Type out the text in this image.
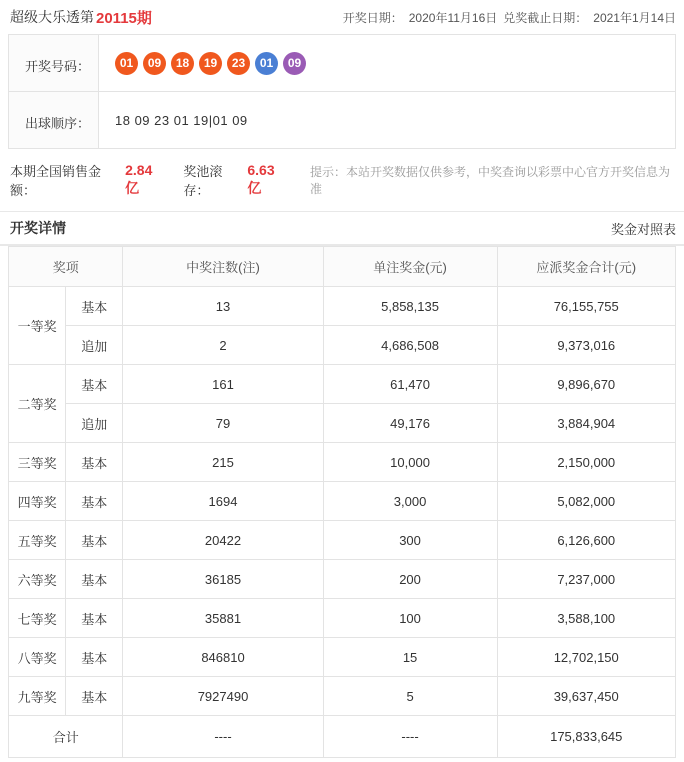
超级大乐透 第 20115期	开奖日期： 2020年11月16日 兑奖截止日期： 2021年1月14日
开奖号码：	01	09	18	19	23	01	09
出球顺序： 18 09 23 01 19|01 09
本期全国销售金额：
2.84亿
奖池滚存：
6.63亿
提示：本站开奖数据仅供参考，中奖查询以彩票中心官方开奖信息为准
开奖详情	奖金对照表
奖项		中奖注数(注)	单注奖金(元)	应派奖金合计(元)
一等奖	基本	13	5,858,135	76,155,755
	追加	2	4,686,508	9,373,016
二等奖	基本	161	61,470	9,896,670
	追加	79	49,176	3,884,904
三等奖	基本	215	10,000	2,150,000
四等奖	基本	1694	3,000	5,082,000
五等奖	基本	20422	300	6,126,600
六等奖	基本	36185	200	7,237,000
七等奖	基本	35881	100	3,588,100
八等奖	基本	846810	15	12,702,150
九等奖	基本	7927490	5	39,637,450
合计		----	----	175,833,645
